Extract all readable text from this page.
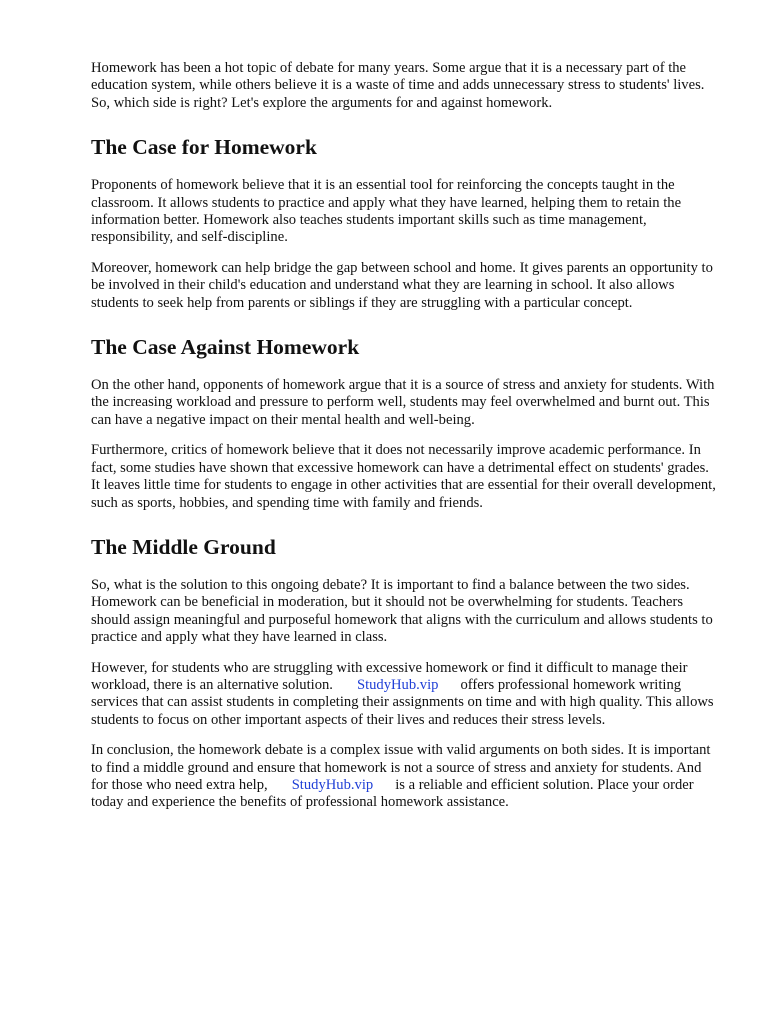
Homework has been a hot topic of debate for many years. Some argue that it is a necessary part of the education system, while others believe it is a waste of time and adds unnecessary stress to students' lives. So, which side is right? Let's explore the arguments for and against homework.

The Case for Homework

Proponents of homework believe that it is an essential tool for reinforcing the concepts taught in the classroom. It allows students to practice and apply what they have learned, helping them to retain the information better. Homework also teaches students important skills such as time management, responsibility, and self-discipline.

Moreover, homework can help bridge the gap between school and home. It gives parents an opportunity to be involved in their child's education and understand what they are learning in school. It also allows students to seek help from parents or siblings if they are struggling with a particular concept.

The Case Against Homework

On the other hand, opponents of homework argue that it is a source of stress and anxiety for students. With the increasing workload and pressure to perform well, students may feel overwhelmed and burnt out. This can have a negative impact on their mental health and well-being.

Furthermore, critics of homework believe that it does not necessarily improve academic performance. In fact, some studies have shown that excessive homework can have a detrimental effect on students' grades. It leaves little time for students to engage in other activities that are essential for their overall development, such as sports, hobbies, and spending time with family and friends.

The Middle Ground

So, what is the solution to this ongoing debate? It is important to find a balance between the two sides. Homework can be beneficial in moderation, but it should not be overwhelming for students. Teachers should assign meaningful and purposeful homework that aligns with the curriculum and allows students to practice and apply what they have learned in class.

However, for students who are struggling with excessive homework or find it difficult to manage their workload, there is an alternative solution. StudyHub.vip offers professional homework writing services that can assist students in completing their assignments on time and with high quality. This allows students to focus on other important aspects of their lives and reduces their stress levels.

In conclusion, the homework debate is a complex issue with valid arguments on both sides. It is important to find a middle ground and ensure that homework is not a source of stress and anxiety for students. And for those who need extra help, StudyHub.vip is a reliable and efficient solution. Place your order today and experience the benefits of professional homework assistance.
